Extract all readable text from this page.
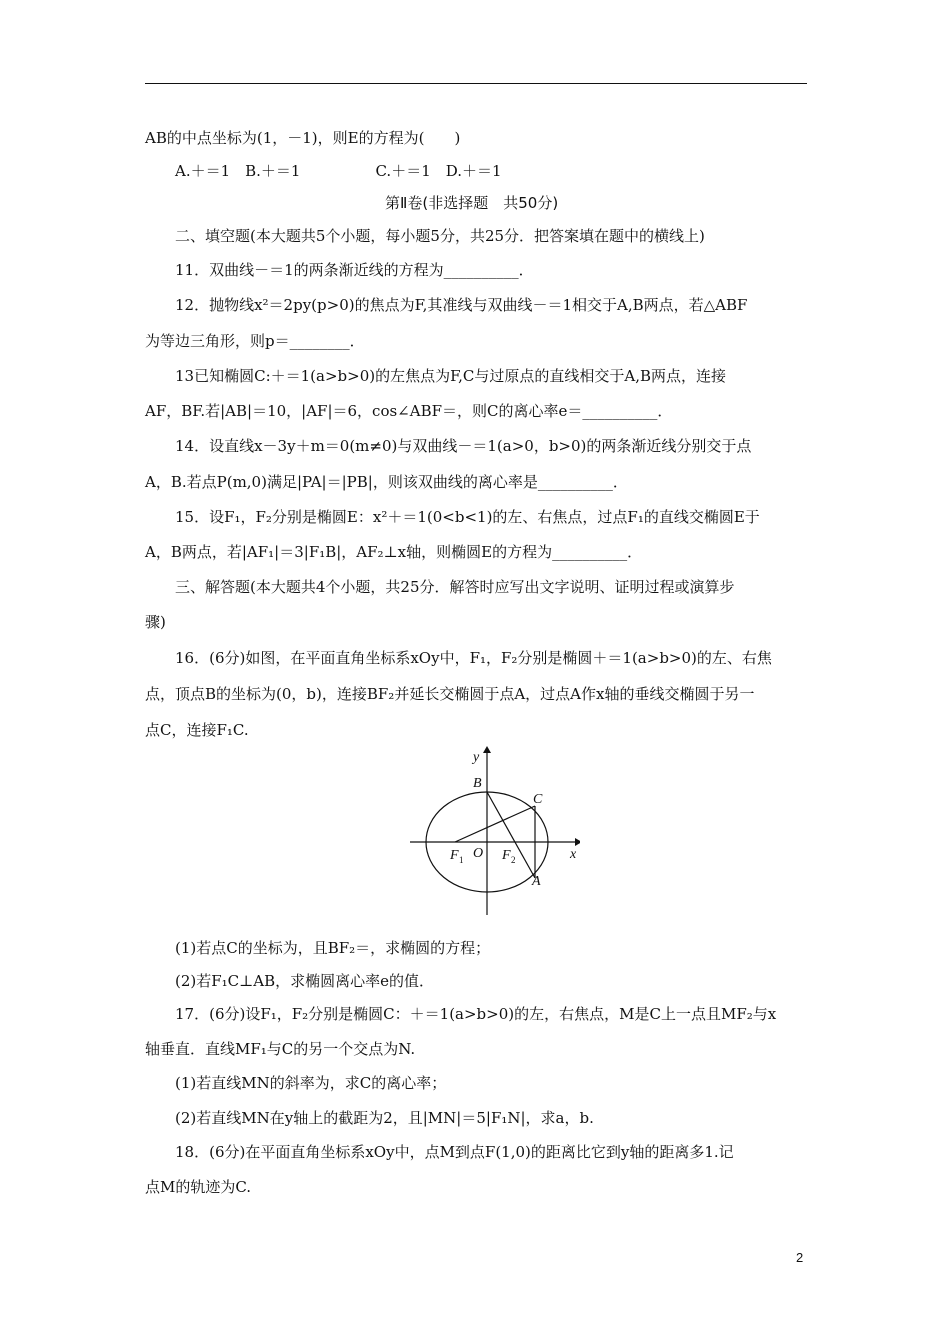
AB的中点坐标为(1，－1)，则E的方程为(　　)
A.＋＝1　B.＋＝1　　　　　C.＋＝1　D.＋＝1
第Ⅱ卷(非选择题　共50分)
二、填空题(本大题共5个小题，每小题5分，共25分．把答案填在题中的横线上)
11．双曲线－＝1的两条渐近线的方程为__________．
12．抛物线x²＝2py(p>0)的焦点为F,其准线与双曲线－＝1相交于A,B两点，若△ABF
为等边三角形，则p＝________．
13已知椭圆C:＋＝1(a>b>0)的左焦点为F,C与过原点的直线相交于A,B两点，连接
AF，BF.若|AB|＝10，|AF|＝6，cos∠ABF＝，则C的离心率e＝__________．
14．设直线x－3y＋m＝0(m≠0)与双曲线－＝1(a>0，b>0)的两条渐近线分别交于点
A，B.若点P(m,0)满足|PA|＝|PB|，则该双曲线的离心率是__________．
15．设F₁，F₂分别是椭圆E：x²＋＝1(0<b<1)的左、右焦点，过点F₁的直线交椭圆E于
A，B两点，若|AF₁|＝3|F₁B|，AF₂⊥x轴，则椭圆E的方程为__________．
三、解答题(本大题共4个小题，共25分．解答时应写出文字说明、证明过程或演算步
骤)
16．(6分)如图，在平面直角坐标系xOy中，F₁，F₂分别是椭圆＋＝1(a>b>0)的左、右焦
点，顶点B的坐标为(0，b)，连接BF₂并延长交椭圆于点A，过点A作x轴的垂线交椭圆于另一
点C，连接F₁C.
y
x
B
C
O
F 1	F 2
A
(1)若点C的坐标为，且BF₂＝，求椭圆的方程；
(2)若F₁C⊥AB，求椭圆离心率e的值．
17．(6分)设F₁，F₂分别是椭圆C：＋＝1(a>b>0)的左，右焦点，M是C上一点且MF₂与x
轴垂直．直线MF₁与C的另一个交点为N.
(1)若直线MN的斜率为，求C的离心率；
(2)若直线MN在y轴上的截距为2，且|MN|＝5|F₁N|，求a，b.
18．(6分)在平面直角坐标系xOy中，点M到点F(1,0)的距离比它到y轴的距离多1.记
点M的轨迹为C.
2
